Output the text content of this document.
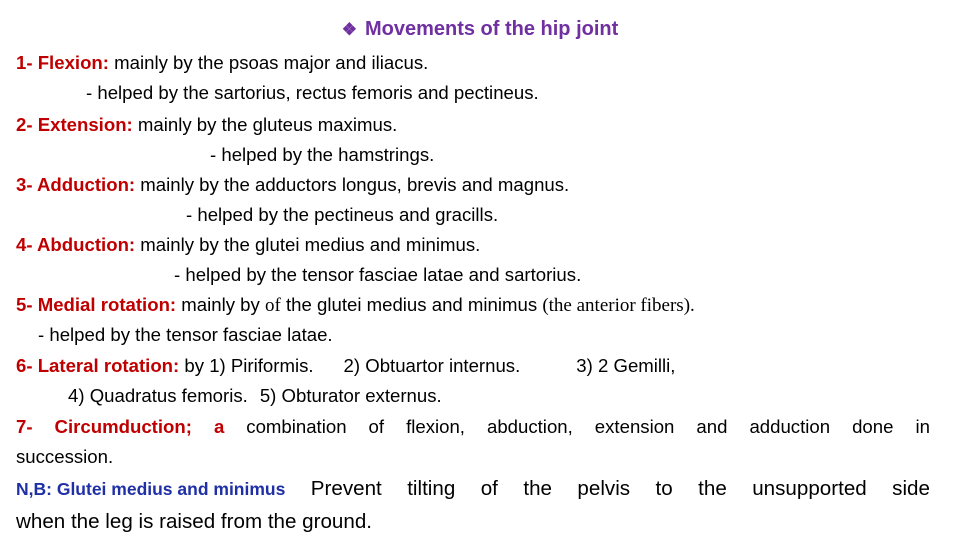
❖ Movements of the hip joint
1- Flexion: mainly by the psoas major and iliacus.
- helped by the sartorius, rectus femoris and pectineus.
2- Extension: mainly by the gluteus maximus.
- helped by the hamstrings.
3- Adduction: mainly by the adductors longus, brevis and magnus.
- helped by the pectineus and gracills.
4- Abduction: mainly by the glutei medius and minimus.
- helped by the tensor fasciae latae and sartorius.
5- Medial rotation: mainly by of the glutei medius and minimus (the anterior fibers).
- helped by the tensor fasciae latae.
6- Lateral rotation: by 1) Piriformis. 2) Obtuartor internus.	3) 2 Gemilli,
4) Quadratus femoris. 5) Obturator externus.
7- Circumduction; a combination of flexion, abduction, extension and adduction done in
succession.
N,B: Glutei medius and minimus Prevent tilting of the pelvis to the unsupported side
when the leg is raised from the ground.
